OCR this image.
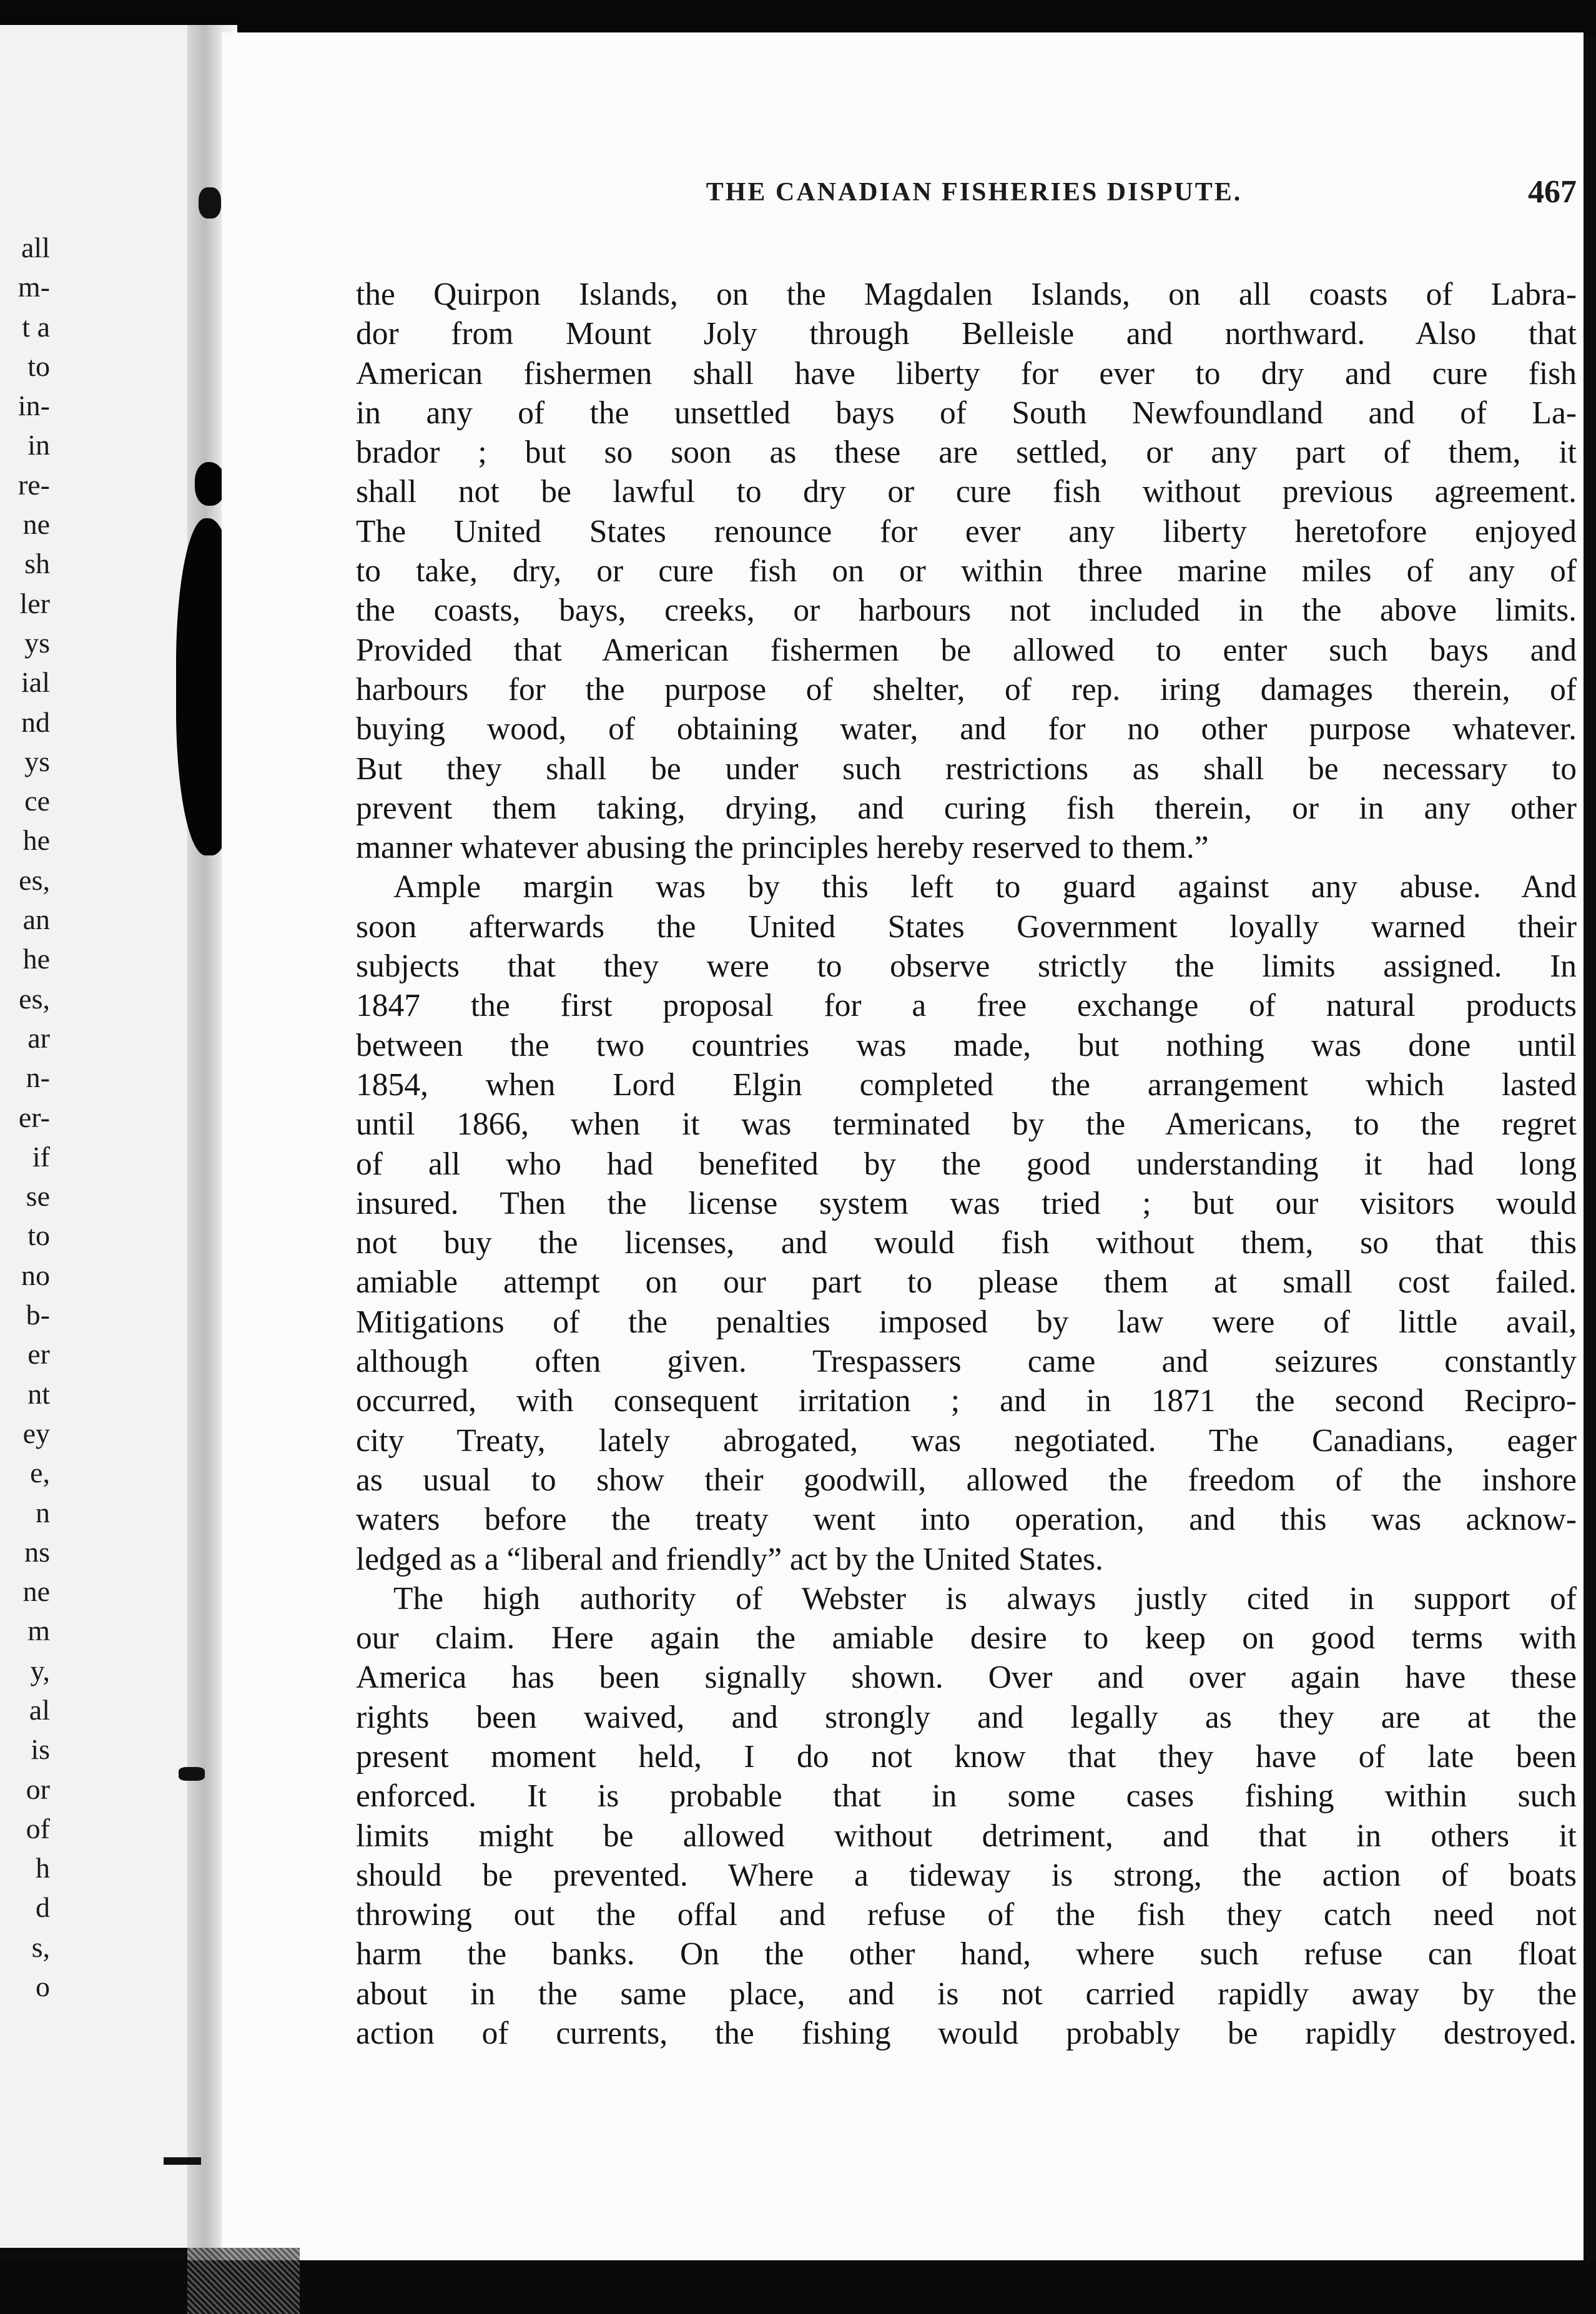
all
m-
t a
to
in-
in
re-
ne
sh
ler
ys
ial
nd
ys
ce
he
es,
an
he
es,
ar
n-
er-
if
se
to
no
b-
er
nt
ey
e,
n
ns
ne
m
y,
al
is
or
of
h
d
s,
o
THE CANADIAN FISHERIES DISPUTE.	467
the Quirpon Islands, on the Magdalen Islands, on all coasts of Labra-
dor from Mount Joly through Belleisle and northward. Also that
American fishermen shall have liberty for ever to dry and cure fish
in any of the unsettled bays of South Newfoundland and of La-
brador ; but so soon as these are settled, or any part of them, it
shall not be lawful to dry or cure fish without previous agreement.
The United States renounce for ever any liberty heretofore enjoyed
to take, dry, or cure fish on or within three marine miles of any of
the coasts, bays, creeks, or harbours not included in the above limits.
Provided that American fishermen be allowed to enter such bays and
harbours for the purpose of shelter, of rep. iring damages therein, of
buying wood, of obtaining water, and for no other purpose whatever.
But they shall be under such restrictions as shall be necessary to
prevent them taking, drying, and curing fish therein, or in any other
manner whatever abusing the principles hereby reserved to them.”
Ample margin was by this left to guard against any abuse. And
soon afterwards the United States Government loyally warned their
subjects that they were to observe strictly the limits assigned. In
1847 the first proposal for a free exchange of natural products
between the two countries was made, but nothing was done until
1854, when Lord Elgin completed the arrangement which lasted
until 1866, when it was terminated by the Americans, to the regret
of all who had benefited by the good understanding it had long
insured. Then the license system was tried ; but our visitors would
not buy the licenses, and would fish without them, so that this
amiable attempt on our part to please them at small cost failed.
Mitigations of the penalties imposed by law were of little avail,
although often given. Trespassers came and seizures constantly
occurred, with consequent irritation ; and in 1871 the second Recipro-
city Treaty, lately abrogated, was negotiated. The Canadians, eager
as usual to show their goodwill, allowed the freedom of the inshore
waters before the treaty went into operation, and this was acknow-
ledged as a “liberal and friendly” act by the United States.
The high authority of Webster is always justly cited in support of
our claim. Here again the amiable desire to keep on good terms with
America has been signally shown. Over and over again have these
rights been waived, and strongly and legally as they are at the
present moment held, I do not know that they have of late been
enforced. It is probable that in some cases fishing within such
limits might be allowed without detriment, and that in others it
should be prevented. Where a tideway is strong, the action of boats
throwing out the offal and refuse of the fish they catch need not
harm the banks. On the other hand, where such refuse can float
about in the same place, and is not carried rapidly away by the
action of currents, the fishing would probably be rapidly destroyed.
